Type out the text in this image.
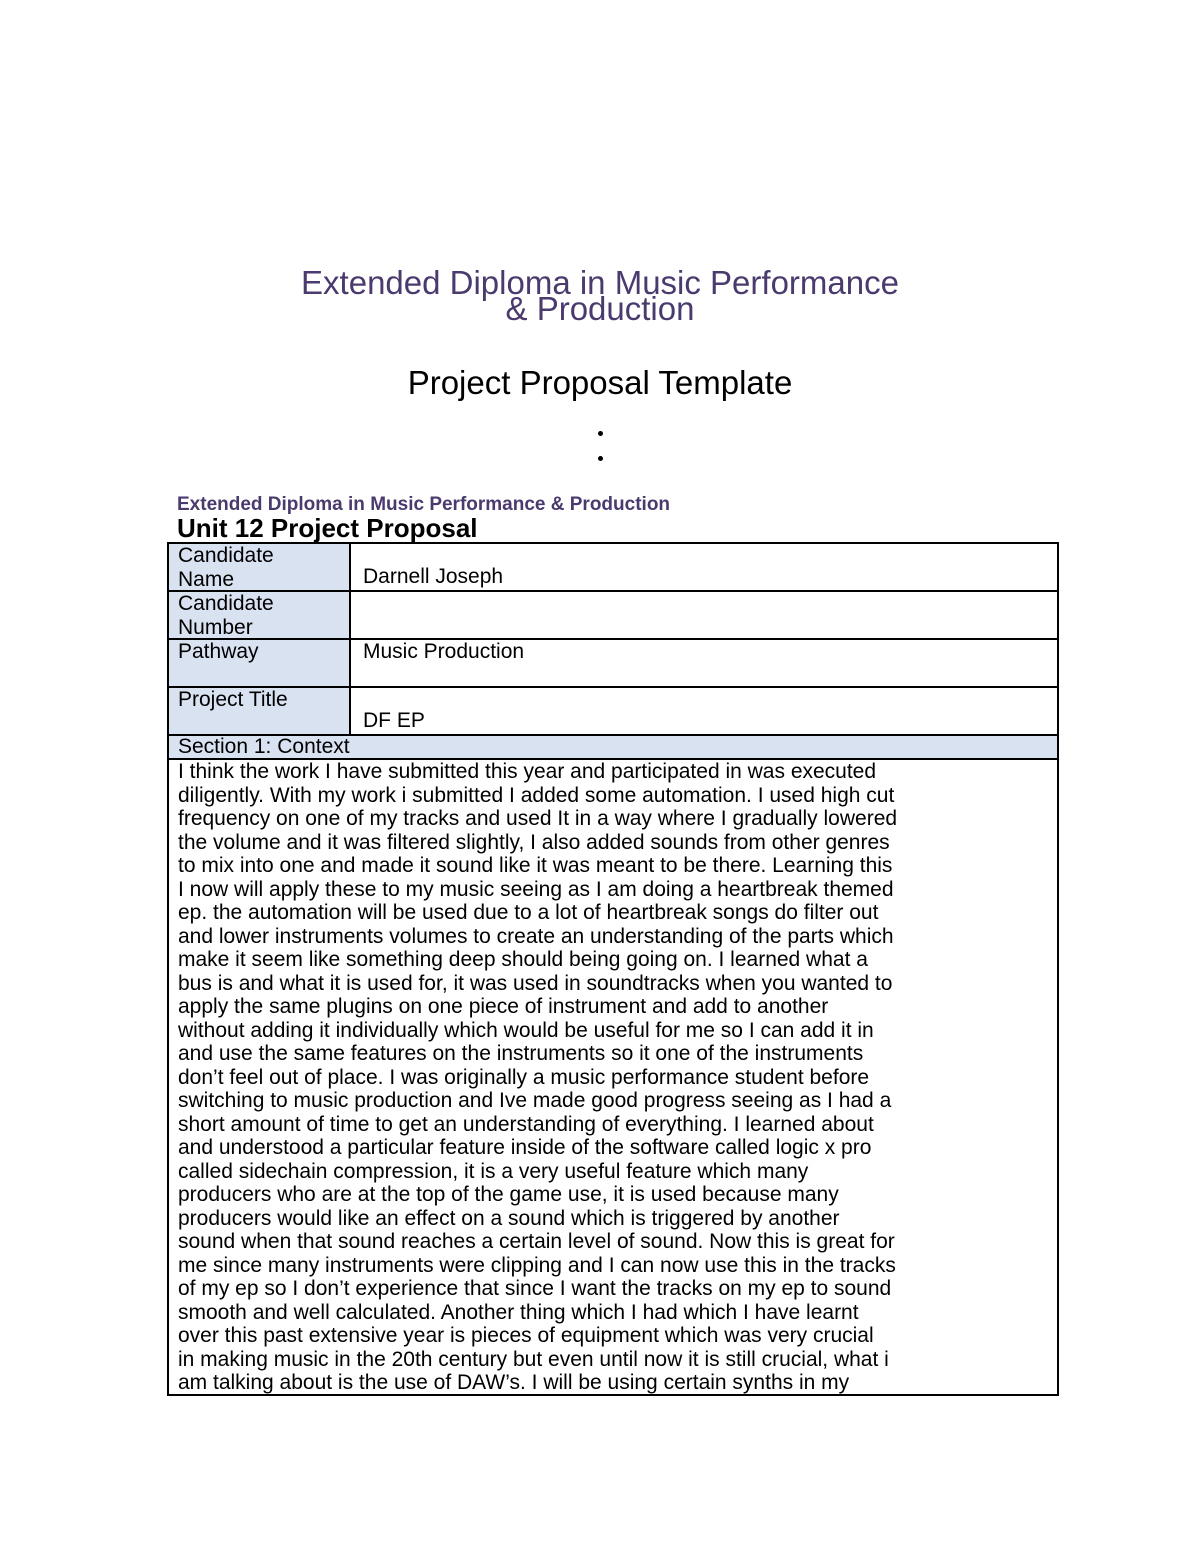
Extended Diploma in Music Performance
& Production
Project Proposal Template
Extended Diploma in Music Performance & Production
Unit 12 Project Proposal
Candidate
Name	Darnell Joseph
Candidate
Number
Pathway	Music Production
Project Title
DF EP
Section 1: Context
I think the work I have submitted this year and participated in was executed
diligently. With my work i submitted I added some automation. I used high cut
frequency on one of my tracks and used It in a way where I gradually lowered
the volume and it was filtered slightly, I also added sounds from other genres
to mix into one and made it sound like it was meant to be there. Learning this
I now will apply these to my music seeing as I am doing a heartbreak themed
ep. the automation will be used due to a lot of heartbreak songs do filter out
and lower instruments volumes to create an understanding of the parts which
make it seem like something deep should being going on. I learned what a
bus is and what it is used for, it was used in soundtracks when you wanted to
apply the same plugins on one piece of instrument and add to another
without adding it individually which would be useful for me so I can add it in
and use the same features on the instruments so it one of the instruments
don’t feel out of place. I was originally a music performance student before
switching to music production and Ive made good progress seeing as I had a
short amount of time to get an understanding of everything. I learned about
and understood a particular feature inside of the software called logic x pro
called sidechain compression, it is a very useful feature which many
producers who are at the top of the game use, it is used because many
producers would like an effect on a sound which is triggered by another
sound when that sound reaches a certain level of sound. Now this is great for
me since many instruments were clipping and I can now use this in the tracks
of my ep so I don’t experience that since I want the tracks on my ep to sound
smooth and well calculated. Another thing which I had which I have learnt
over this past extensive year is pieces of equipment which was very crucial
in making music in the 20th century but even until now it is still crucial, what i
am talking about is the use of DAW’s. I will be using certain synths in my
